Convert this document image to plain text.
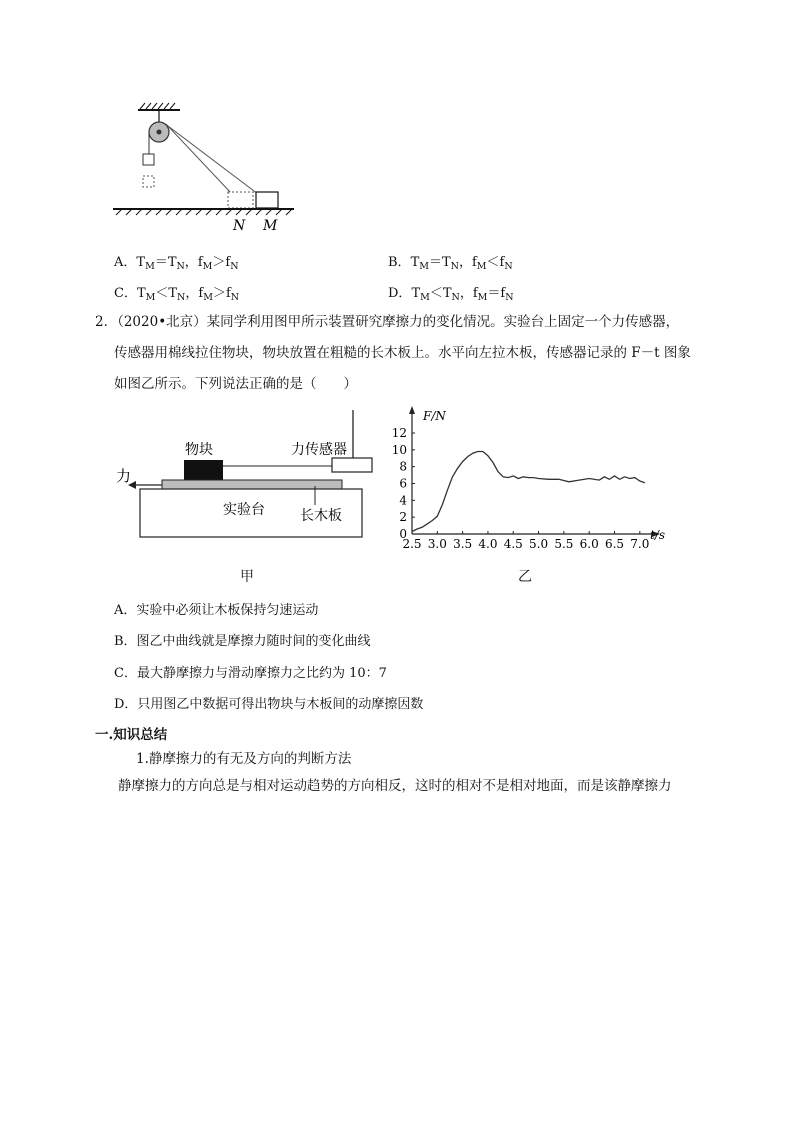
N M
A．$T_M=T_N$，$f_M>f_N$	B．$T_M=T_N$，$f_M<f_N$
C．$T_M<T_N$，$f_M>f_N$	D．$T_M<T_N$，$f_M=f_N$
2．（2020•北京）某同学利用图甲所示装置研究摩擦力的变化情况。实验台上固定一个力传感器，
传感器用棉线拉住物块，物块放置在粗糙的长木板上。水平向左拉木板，传感器记录的 F－t 图象
如图乙所示。下列说法正确的是（　　）
物块	力传感器
力
实验台	长木板
甲
0
2
4
6
8
10
12
2.5 3.0 3.5 4.0 4.5 5.0 5.5 6.0 6.5 7.0
F/N
t/s
乙
A．实验中必须让木板保持匀速运动
B．图乙中曲线就是摩擦力随时间的变化曲线
C．最大静摩擦力与滑动摩擦力之比约为 10：7
D．只用图乙中数据可得出物块与木板间的动摩擦因数
一.知识总结
1.静摩擦力的有无及方向的判断方法
静摩擦力的方向总是与相对运动趋势的方向相反，这时的相对不是相对地面，而是该静摩擦力
